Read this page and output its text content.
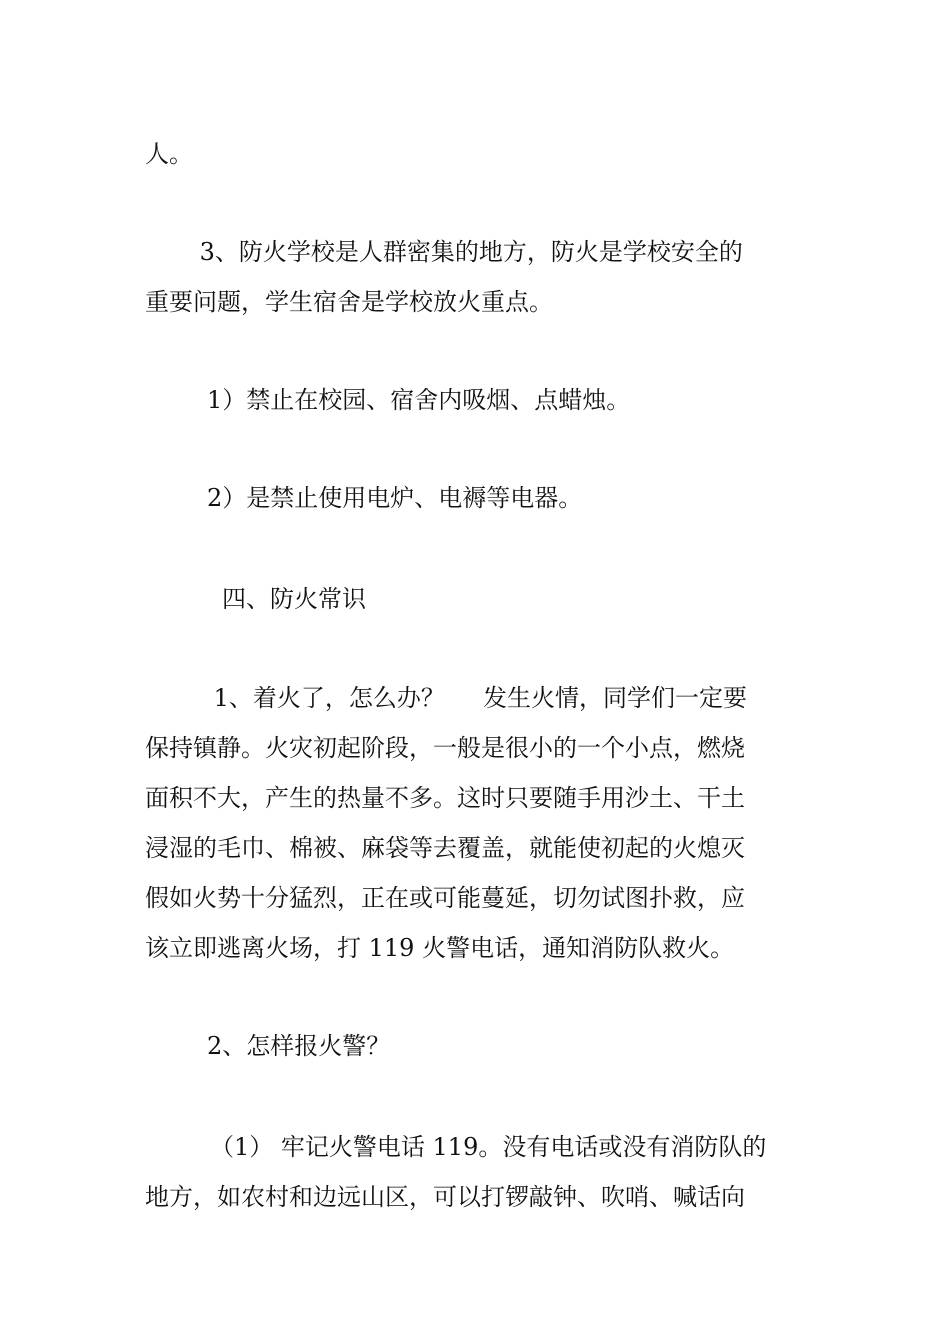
人。
3、防火学校是人群密集的地方，防火是学校安全的
重要问题，学生宿舍是学校放火重点。
1）禁止在校园、宿舍内吸烟、点蜡烛。
2）是禁止使用电炉、电褥等电器。
四、防火常识
1、着火了，怎么办？     发生火情，同学们一定要
保持镇静。火灾初起阶段，一般是很小的一个小点，燃烧
面积不大，产生的热量不多。这时只要随手用沙土、干土
浸湿的毛巾、棉被、麻袋等去覆盖，就能使初起的火熄灭
假如火势十分猛烈，正在或可能蔓延，切勿试图扑救，应
该立即逃离火场，打 119 火警电话，通知消防队救火。
2、怎样报火警？
（1） 牢记火警电话 119。没有电话或没有消防队的
地方，如农村和边远山区，可以打锣敲钟、吹哨、喊话向
